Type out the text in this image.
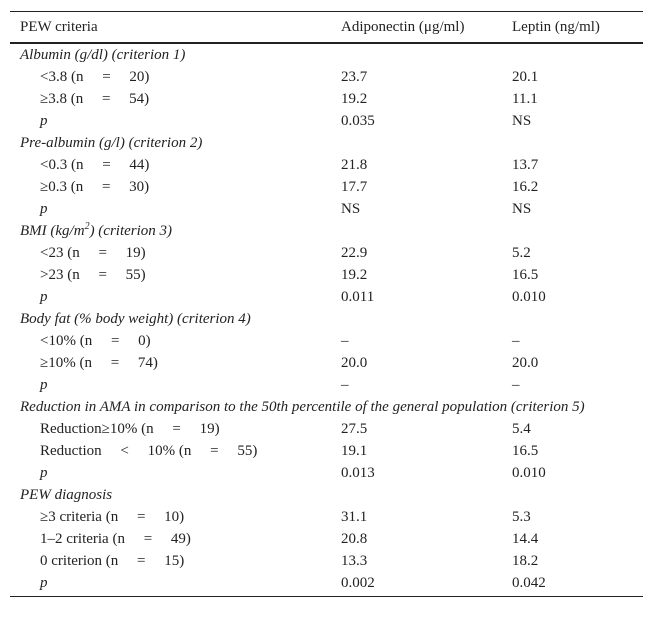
PEW criteria	Adiponectin (μg/ml)	Leptin (ng/ml)
Albumin (g/dl) (criterion 1)
<3.8 (n     =     20)	23.7	20.1
≥3.8 (n     =     54)	19.2	11.1
p	0.035	NS
Pre-albumin (g/l) (criterion 2)
<0.3 (n     =     44)	21.8	13.7
≥0.3 (n     =     30)	17.7	16.2
p	NS	NS
BMI $(kg/m^2)$ (criterion 3)
<23 (n     =     19)	22.9	5.2
>23 (n     =     55)	19.2	16.5
p	0.011	0.010
Body fat (% body weight) (criterion 4)
<10% (n     =     0)	–	–
≥10% (n     =     74)	20.0	20.0
p	–	–
Reduction in AMA in comparison to the 50th percentile of the general population (criterion 5)
Reduction≥10% (n     =     19)	27.5	5.4
Reduction     <     10% (n     =     55)	19.1	16.5
p	0.013	0.010
PEW diagnosis
≥3 criteria (n     =     10)	31.1	5.3
1–2 criteria (n     =     49)	20.8	14.4
0 criterion (n     =     15)	13.3	18.2
p	0.002	0.042
